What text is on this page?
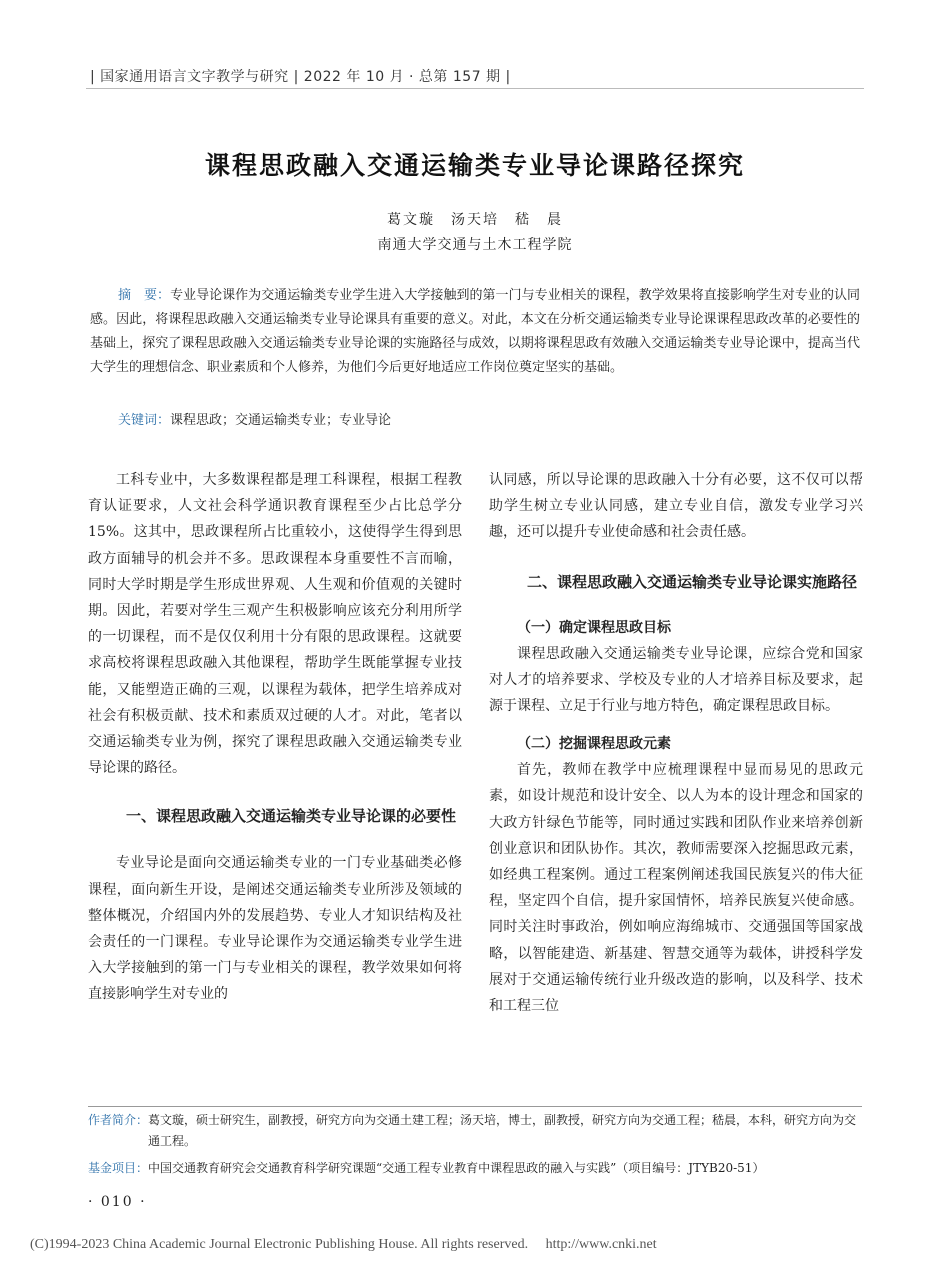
| 国家通用语言文字教学与研究 | 2022 年 10 月 · 总第 157 期 |
课程思政融入交通运输类专业导论课路径探究
葛文璇　汤天培　嵇　晨
南通大学交通与土木工程学院
摘　要：专业导论课作为交通运输类专业学生进入大学接触到的第一门与专业相关的课程，教学效果将直接影响学生对专业的认同感。因此，将课程思政融入交通运输类专业导论课具有重要的意义。对此，本文在分析交通运输类专业导论课课程思政改革的必要性的基础上，探究了课程思政融入交通运输类专业导论课的实施路径与成效，以期将课程思政有效融入交通运输类专业导论课中，提高当代大学生的理想信念、职业素质和个人修养，为他们今后更好地适应工作岗位奠定坚实的基础。
关键词：课程思政；交通运输类专业；专业导论

工科专业中，大多数课程都是理工科课程，根据工程教育认证要求，人文社会科学通识教育课程至少占比总学分 15%。这其中，思政课程所占比重较小，这使得学生得到思政方面辅导的机会并不多。思政课程本身重要性不言而喻，同时大学时期是学生形成世界观、人生观和价值观的关键时期。因此，若要对学生三观产生积极影响应该充分利用所学的一切课程，而不是仅仅利用十分有限的思政课程。这就要求高校将课程思政融入其他课程，帮助学生既能掌握专业技能，又能塑造正确的三观，以课程为载体，把学生培养成对社会有积极贡献、技术和素质双过硬的人才。对此，笔者以交通运输类专业为例，探究了课程思政融入交通运输类专业导论课的路径。

一、课程思政融入交通运输类专业导论课的必要性

专业导论是面向交通运输类专业的一门专业基础类必修课程，面向新生开设，是阐述交通运输类专业所涉及领域的整体概况，介绍国内外的发展趋势、专业人才知识结构及社会责任的一门课程。专业导论课作为交通运输类专业学生进入大学接触到的第一门与专业相关的课程，教学效果如何将直接影响学生对专业的

认同感，所以导论课的思政融入十分有必要，这不仅可以帮助学生树立专业认同感，建立专业自信，激发专业学习兴趣，还可以提升专业使命感和社会责任感。

二、课程思政融入交通运输类专业导论课实施路径
（一）确定课程思政目标

课程思政融入交通运输类专业导论课，应综合党和国家对人才的培养要求、学校及专业的人才培养目标及要求，起源于课程、立足于行业与地方特色，确定课程思政目标。

（二）挖掘课程思政元素

首先，教师在教学中应梳理课程中显而易见的思政元素，如设计规范和设计安全、以人为本的设计理念和国家的大政方针绿色节能等，同时通过实践和团队作业来培养创新创业意识和团队协作。其次，教师需要深入挖掘思政元素，如经典工程案例。通过工程案例阐述我国民族复兴的伟大征程，坚定四个自信，提升家国情怀，培养民族复兴使命感。同时关注时事政治，例如响应海绵城市、交通强国等国家战略，以智能建造、新基建、智慧交通等为载体，讲授科学发展对于交通运输传统行业升级改造的影响，以及科学、技术和工程三位

作者简介：葛文璇，硕士研究生，副教授，研究方向为交通土建工程；汤天培，博士，副教授，研究方向为交通工程；嵇晨，本科，研究方向为交通工程。
基金项目：中国交通教育研究会交通教育科学研究课题“交通工程专业教育中课程思政的融入与实践”（项目编号：JTYB20-51）
· 010 ·
(C)1994-2023 China Academic Journal Electronic Publishing House. All rights reserved.　 http://www.cnki.net
